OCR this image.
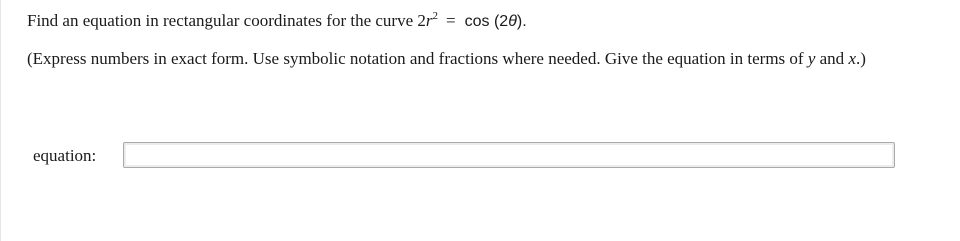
Find an equation in rectangular coordinates for the curve $2r^2 = \cos (2\theta)$.
(Express numbers in exact form. Use symbolic notation and fractions where needed. Give the equation in terms of y and x.)
equation:
